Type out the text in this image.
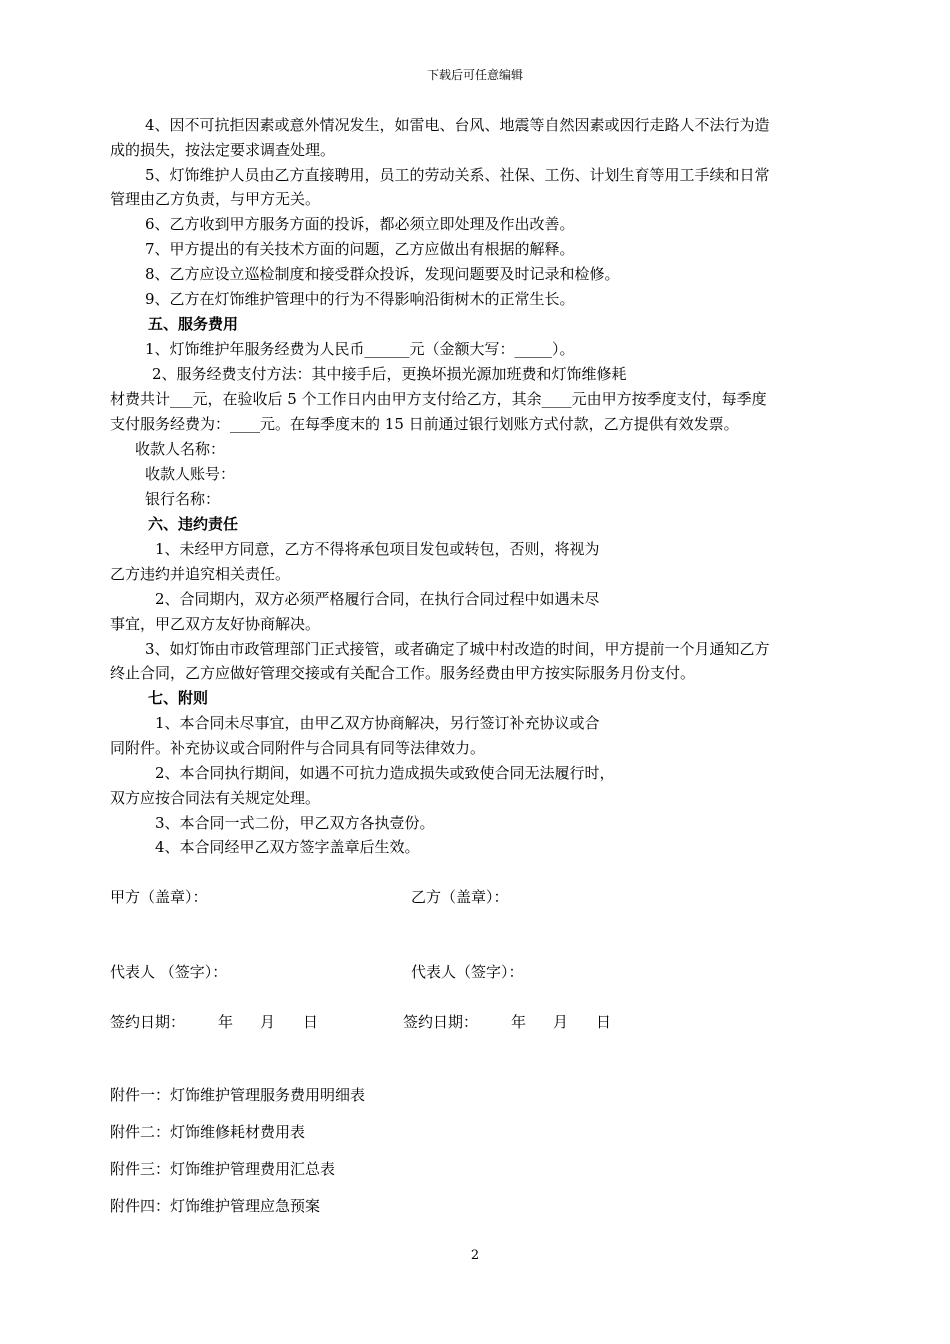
下载后可任意编辑
4、因不可抗拒因素或意外情况发生，如雷电、台风、地震等自然因素或因行走路人不法行为造
成的损失，按法定要求调查处理。
5、灯饰维护人员由乙方直接聘用，员工的劳动关系、社保、工伤、计划生育等用工手续和日常
管理由乙方负责，与甲方无关。
6、乙方收到甲方服务方面的投诉，都必须立即处理及作出改善。
7、甲方提出的有关技术方面的问题，乙方应做出有根据的解释。
8、乙方应设立巡检制度和接受群众投诉，发现问题要及时记录和检修。
9、乙方在灯饰维护管理中的行为不得影响沿街树木的正常生长。
五、服务费用
1、灯饰维护年服务经费为人民币______元（金额大写：_____）。
2、服务经费支付方法：其中接手后，更换坏损光源加班费和灯饰维修耗
材费共计___元，在验收后 5 个工作日内由甲方支付给乙方，其余____元由甲方按季度支付，每季度
支付服务经费为：____元。在每季度末的 15 日前通过银行划账方式付款，乙方提供有效发票。
收款人名称：
收款人账号：
银行名称：
六、违约责任
1、未经甲方同意，乙方不得将承包项目发包或转包，否则，将视为
乙方违约并追究相关责任。
2、合同期内，双方必须严格履行合同，在执行合同过程中如遇未尽
事宜，甲乙双方友好协商解决。
3、如灯饰由市政管理部门正式接管，或者确定了城中村改造的时间，甲方提前一个月通知乙方
终止合同，乙方应做好管理交接或有关配合工作。服务经费由甲方按实际服务月份支付。
七、附则
1、本合同未尽事宜，由甲乙双方协商解决，另行签订补充协议或合
同附件。补充协议或合同附件与合同具有同等法律效力。
2、本合同执行期间，如遇不可抗力造成损失或致使合同无法履行时，
双方应按合同法有关规定处理。
3、本合同一式二份，甲乙双方各执壹份。
4、本合同经甲乙双方签字盖章后生效。
甲方（盖章）：	乙方（盖章）：
代表人 （签字）：	代表人（签字）：
签约日期： 年 月 日	签约日期： 年 月 日
附件一：灯饰维护管理服务费用明细表
附件二：灯饰维修耗材费用表
附件三：灯饰维护管理费用汇总表
附件四：灯饰维护管理应急预案
2
